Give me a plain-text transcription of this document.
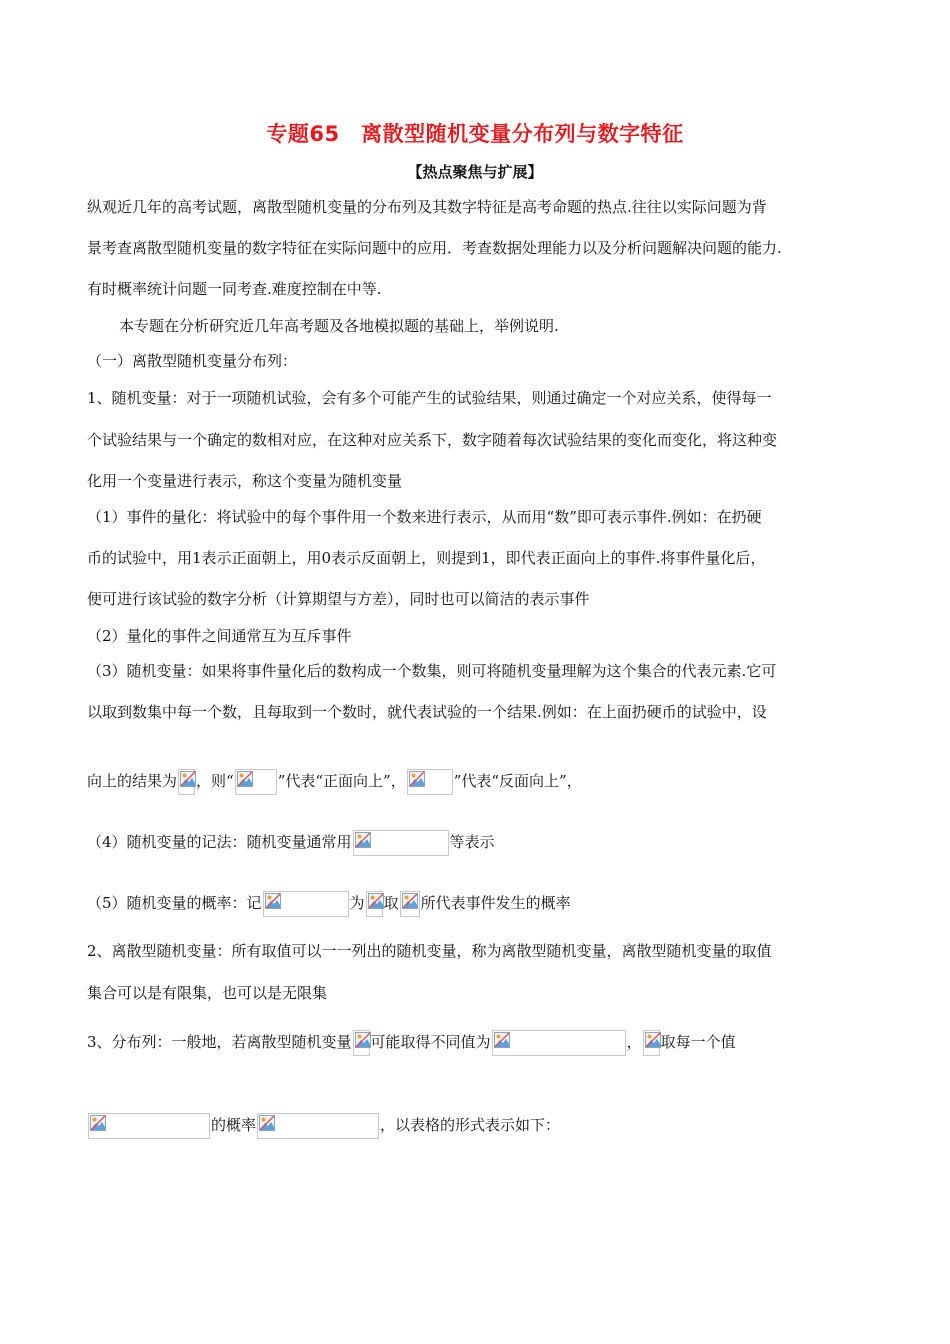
专题65　离散型随机变量分布列与数字特征
【热点聚焦与扩展】
纵观近几年的高考试题，离散型随机变量的分布列及其数字特征是高考命题的热点.往往以实际问题为背
景考查离散型随机变量的数字特征在实际问题中的应用．考查数据处理能力以及分析问题解决问题的能力.
有时概率统计问题一同考查.难度控制在中等.
本专题在分析研究近几年高考题及各地模拟题的基础上，举例说明.
（一）离散型随机变量分布列：
1、随机变量：对于一项随机试验，会有多个可能产生的试验结果，则通过确定一个对应关系，使得每一
个试验结果与一个确定的数相对应，在这种对应关系下，数字随着每次试验结果的变化而变化，将这种变
化用一个变量进行表示，称这个变量为随机变量
（1）事件的量化：将试验中的每个事件用一个数来进行表示，从而用“数”即可表示事件.例如：在扔硬
币的试验中，用1表示正面朝上，用0表示反面朝上，则提到1，即代表正面向上的事件.将事件量化后，
便可进行该试验的数字分析（计算期望与方差），同时也可以简洁的表示事件
（2）量化的事件之间通常互为互斥事件
（3）随机变量：如果将事件量化后的数构成一个数集，则可将随机变量理解为这个集合的代表元素.它可
以取到数集中每一个数，且每取到一个数时，就代表试验的一个结果.例如：在上面扔硬币的试验中，设
向上的结果为 ，则“	”代表“正面向上”，	”代表“反面向上”，
（4）随机变量的记法：随机变量通常用	等表示
（5）随机变量的概率：记	为 取 所代表事件发生的概率
2、离散型随机变量：所有取值可以一一列出的随机变量，称为离散型随机变量，离散型随机变量的取值
集合可以是有限集，也可以是无限集
3、分布列：一般地，若离散型随机变量 可能取得不同值为	， 取每一个值
的概率	，以表格的形式表示如下：
